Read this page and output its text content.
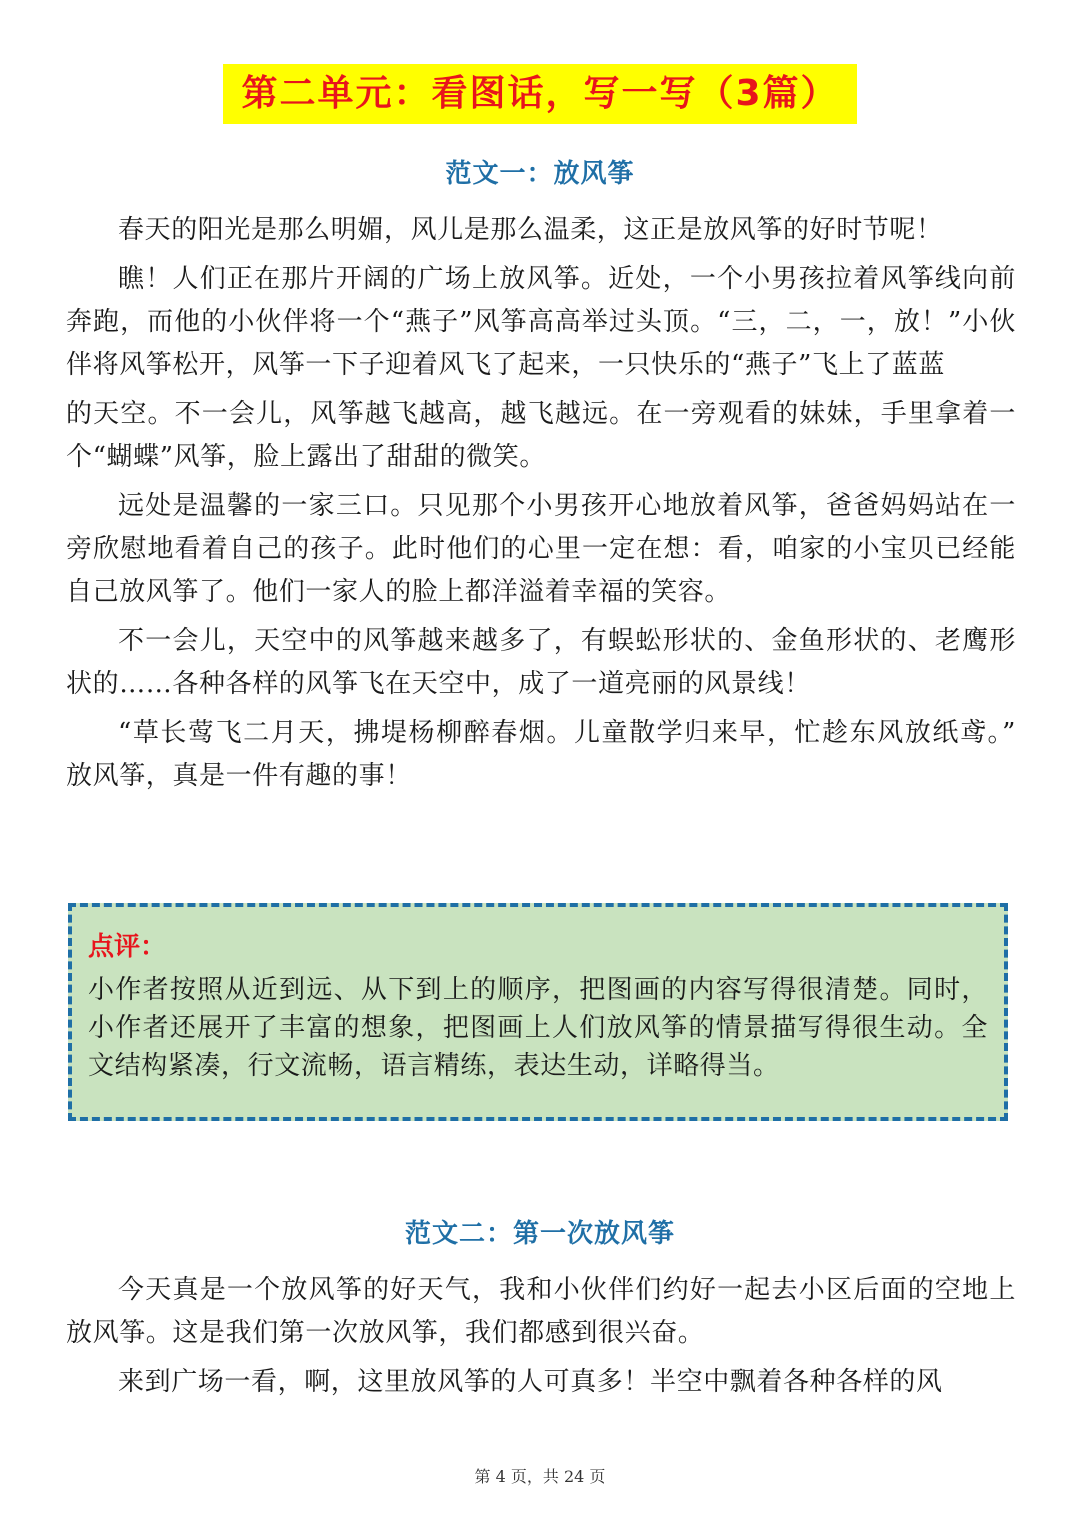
第二单元：看图话，写一写（3篇）
范文一：放风筝

春天的阳光是那么明媚，风儿是那么温柔，这正是放风筝的好时节呢！

瞧！人们正在那片开阔的广场上放风筝。近处，一个小男孩拉着风筝线向前奔跑，而他的小伙伴将一个“燕子”风筝高高举过头顶。“三，二，一，放！”小伙伴将风筝松开，风筝一下子迎着风飞了起来，一只快乐的“燕子”飞上了蓝蓝

的天空。不一会儿，风筝越飞越高，越飞越远。在一旁观看的妹妹，手里拿着一个“蝴蝶”风筝，脸上露出了甜甜的微笑。

远处是温馨的一家三口。只见那个小男孩开心地放着风筝，爸爸妈妈站在一旁欣慰地看着自己的孩子。此时他们的心里一定在想：看，咱家的小宝贝已经能自己放风筝了。他们一家人的脸上都洋溢着幸福的笑容。

不一会儿，天空中的风筝越来越多了，有蜈蚣形状的、金鱼形状的、老鹰形状的……各种各样的风筝飞在天空中，成了一道亮丽的风景线！

“草长莺飞二月天，拂堤杨柳醉春烟。儿童散学归来早，忙趁东风放纸鸢。” 放风筝，真是一件有趣的事！

点评：

小作者按照从近到远、从下到上的顺序，把图画的内容写得很清楚。同时，小作者还展开了丰富的想象，把图画上人们放风筝的情景描写得很生动。全文结构紧凑，行文流畅，语言精练，表达生动，详略得当。

范文二：第一次放风筝

今天真是一个放风筝的好天气，我和小伙伴们约好一起去小区后面的空地上放风筝。这是我们第一次放风筝，我们都感到很兴奋。

来到广场一看，啊，这里放风筝的人可真多！半空中飘着各种各样的风

第 4 页，共 24 页
